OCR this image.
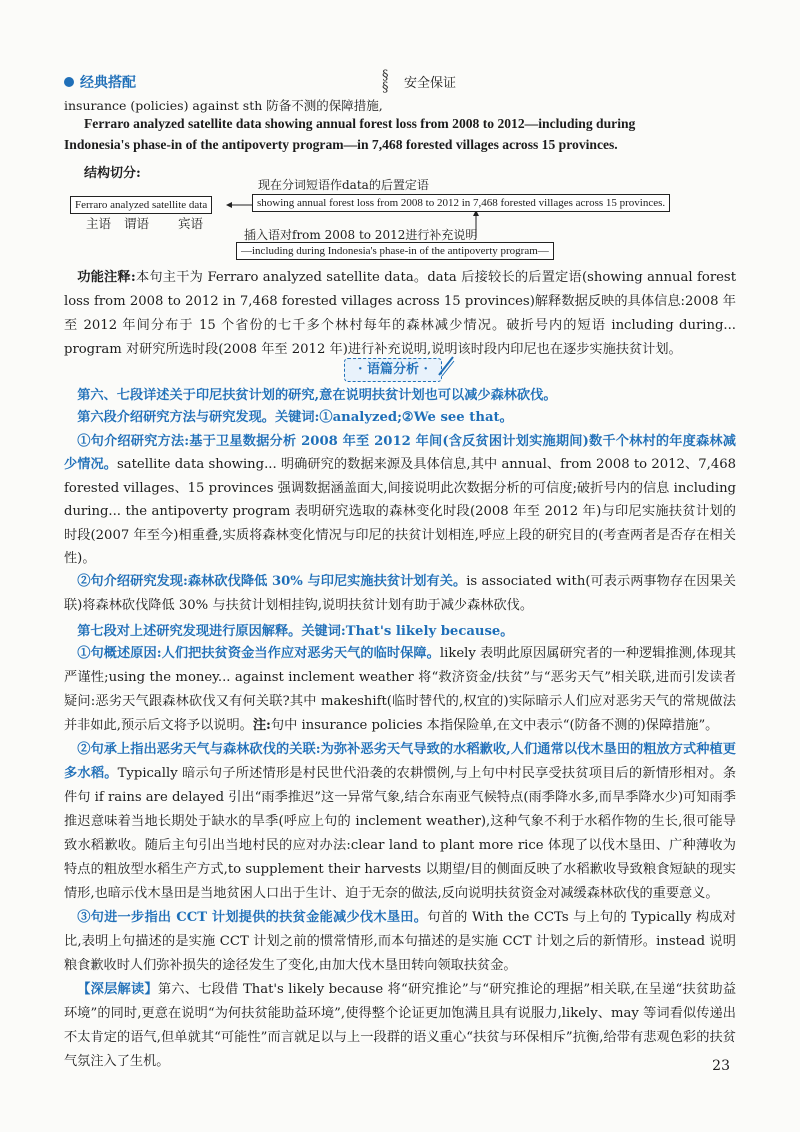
经典搭配	§
§ 安全保证
insurance (policies) against sth 防备不测的保障措施,
Ferraro analyzed satellite data showing annual forest loss from 2008 to 2012—including during
Indonesia's phase-in of the antipoverty program—in 7,468 forested villages across 15 provinces.
结构切分:
Ferraro analyzed satellite data
主语 谓语 宾语
现在分词短语作data的后置定语
showing annual forest loss from 2008 to 2012 in 7,468 forested villages across 15 provinces.
插入语对from 2008 to 2012进行补充说明
—including during Indonesia's phase-in of the antipoverty program—
功能注释:本句主干为 Ferraro analyzed satellite data。data 后接较长的后置定语(showing annual forest loss from 2008 to 2012 in 7,468 forested villages across 15 provinces)解释数据反映的具体信息:2008 年至 2012 年间分布于 15 个省份的七千多个林村每年的森林减少情况。破折号内的短语 including during... program 对研究所选时段(2008 年至 2012 年)进行补充说明,说明该时段内印尼也在逐步实施扶贫计划。
· 语篇分析 ·
第六、七段详述关于印尼扶贫计划的研究,意在说明扶贫计划也可以减少森林砍伐。
第六段介绍研究方法与研究发现。关键词:①analyzed;②We see that。
①句介绍研究方法:基于卫星数据分析 2008 年至 2012 年间(含反贫困计划实施期间)数千个林村的年度森林减少情况。satellite data showing... 明确研究的数据来源及具体信息,其中 annual、from 2008 to 2012、7,468 forested villages、15 provinces 强调数据涵盖面大,间接说明此次数据分析的可信度;破折号内的信息 including during... the antipoverty program 表明研究选取的森林变化时段(2008 年至 2012 年)与印尼实施扶贫计划的时段(2007 年至今)相重叠,实质将森林变化情况与印尼的扶贫计划相连,呼应上段的研究目的(考查两者是否存在相关性)。
②句介绍研究发现:森林砍伐降低 30% 与印尼实施扶贫计划有关。is associated with(可表示两事物存在因果关联)将森林砍伐降低 30% 与扶贫计划相挂钩,说明扶贫计划有助于减少森林砍伐。
第七段对上述研究发现进行原因解释。关键词:That's likely because。
①句概述原因:人们把扶贫资金当作应对恶劣天气的临时保障。likely 表明此原因属研究者的一种逻辑推测,体现其严谨性;using the money... against inclement weather 将“救济资金/扶贫”与“恶劣天气”相关联,进而引发读者疑问:恶劣天气跟森林砍伐又有何关联?其中 makeshift(临时替代的,权宜的)实际暗示人们应对恶劣天气的常规做法并非如此,预示后文将予以说明。注:句中 insurance policies 本指保险单,在文中表示“(防备不测的)保障措施”。
②句承上指出恶劣天气与森林砍伐的关联:为弥补恶劣天气导致的水稻歉收,人们通常以伐木垦田的粗放方式种植更多水稻。Typically 暗示句子所述情形是村民世代沿袭的农耕惯例,与上句中村民享受扶贫项目后的新情形相对。条件句 if rains are delayed 引出“雨季推迟”这一异常气象,结合东南亚气候特点(雨季降水多,而旱季降水少)可知雨季推迟意味着当地长期处于缺水的旱季(呼应上句的 inclement weather),这种气象不利于水稻作物的生长,很可能导致水稻歉收。随后主句引出当地村民的应对办法:clear land to plant more rice 体现了以伐木垦田、广种薄收为特点的粗放型水稻生产方式,to supplement their harvests 以期望/目的侧面反映了水稻歉收导致粮食短缺的现实情形,也暗示伐木垦田是当地贫困人口出于生计、迫于无奈的做法,反向说明扶贫资金对减缓森林砍伐的重要意义。
③句进一步指出 CCT 计划提供的扶贫金能减少伐木垦田。句首的 With the CCTs 与上句的 Typically 构成对比,表明上句描述的是实施 CCT 计划之前的惯常情形,而本句描述的是实施 CCT 计划之后的新情形。instead 说明粮食歉收时人们弥补损失的途径发生了变化,由加大伐木垦田转向领取扶贫金。
【深层解读】第六、七段借 That's likely because 将“研究推论”与“研究推论的理据”相关联,在呈递“扶贫助益环境”的同时,更意在说明“为何扶贫能助益环境”,使得整个论证更加饱满且具有说服力,likely、may 等词看似传递出不太肯定的语气,但单就其“可能性”而言就足以与上一段群的语义重心“扶贫与环保相斥”抗衡,给带有悲观色彩的扶贫气氛注入了生机。	23
